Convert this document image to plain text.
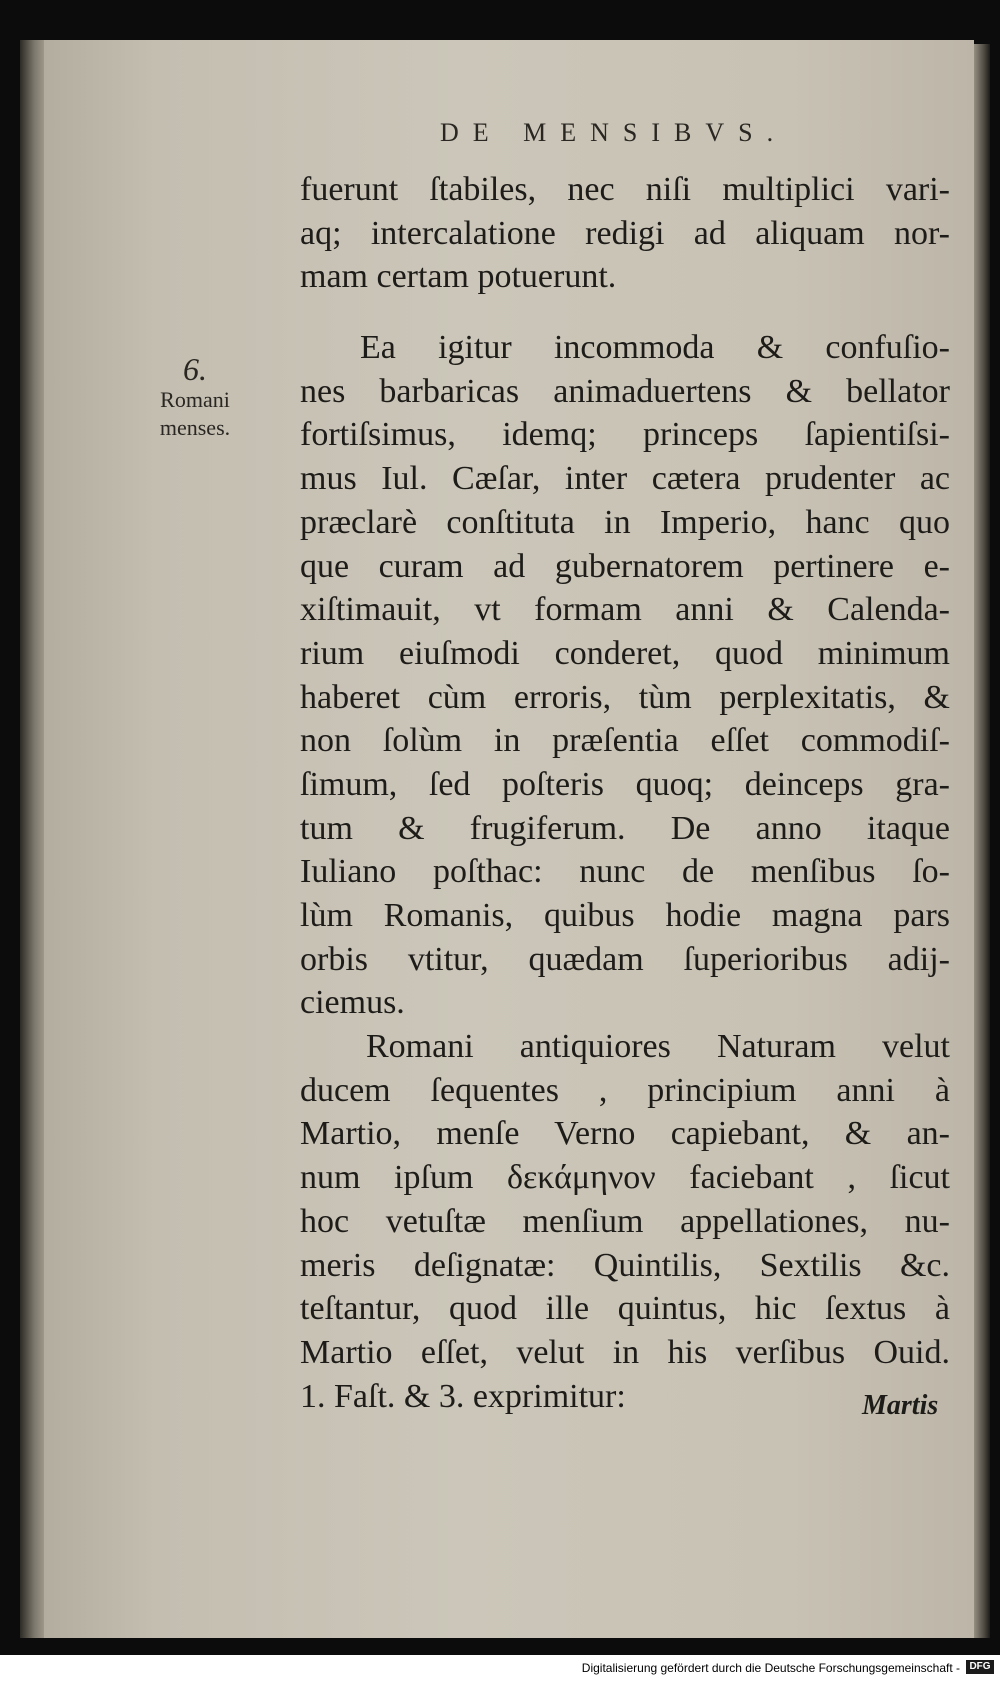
DE MENSIBVS.
6.
Romani
menses.
fuerunt ſtabiles, nec niſi multiplici vari-
aq; intercalatione redigi ad aliquam nor-
mam certam potuerunt.
Ea igitur incommoda & confuſio-
nes barbaricas animaduertens & bellator
fortiſsimus, idemq; princeps ſapientiſsi-
mus Iul. Cæſar, inter cætera prudenter ac
præclarè conſtituta in Imperio, hanc quo
que curam ad gubernatorem pertinere e-
xiſtimauit, vt formam anni & Calenda-
rium eiuſmodi conderet, quod minimum
haberet cùm erroris, tùm perplexitatis, &
non ſolùm in præſentia eſſet commodiſ-
ſimum, ſed poſteris quoq; deinceps gra-
tum & frugiferum. De anno itaque
Iuliano poſthac: nunc de menſibus ſo-
lùm Romanis, quibus hodie magna pars
orbis vtitur, quædam ſuperioribus adij-
ciemus.
Romani antiquiores Naturam velut
ducem ſequentes , principium anni à
Martio, menſe Verno capiebant, & an-
num ipſum δεκάμηνον faciebant , ſicut
hoc vetuſtæ menſium appellationes, nu-
meris deſignatæ: Quintilis, Sextilis &c.
teſtantur, quod ille quintus, hic ſextus à
Martio eſſet, velut in his verſibus Ouid.
1. Faſt. & 3. exprimitur:	Martis
Digitalisierung gefördert durch die Deutsche Forschungsgemeinschaft - DFG
